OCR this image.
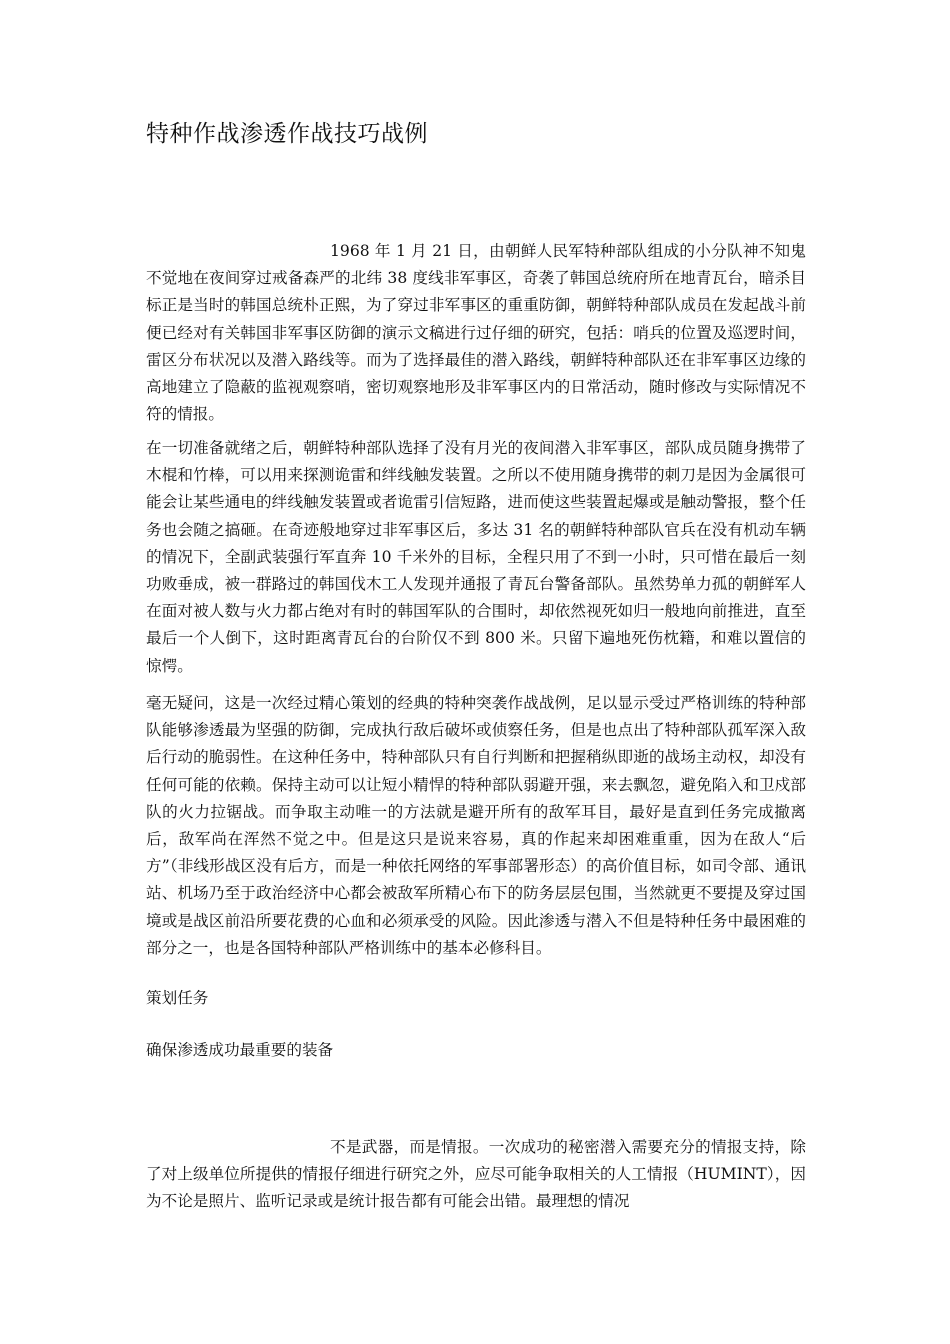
特种作战渗透作战技巧战例

1968 年 1 月 21 日，由朝鲜人民军特种部队组成的小分队神不知鬼不觉地在夜间穿过戒备森严的北纬 38 度线非军事区，奇袭了韩国总统府所在地青瓦台，暗杀目标正是当时的韩国总统朴正熙，为了穿过非军事区的重重防御，朝鲜特种部队成员在发起战斗前便已经对有关韩国非军事区防御的演示文稿进行过仔细的研究，包括：哨兵的位置及巡逻时间，雷区分布状况以及潜入路线等。而为了选择最佳的潜入路线，朝鲜特种部队还在非军事区边缘的高地建立了隐蔽的监视观察哨，密切观察地形及非军事区内的日常活动，随时修改与实际情况不符的情报。

在一切准备就绪之后，朝鲜特种部队选择了没有月光的夜间潜入非军事区，部队成员随身携带了木棍和竹棒，可以用来探测诡雷和绊线触发装置。之所以不使用随身携带的刺刀是因为金属很可能会让某些通电的绊线触发装置或者诡雷引信短路，进而使这些装置起爆或是触动警报，整个任务也会随之搞砸。在奇迹般地穿过非军事区后，多达 31 名的朝鲜特种部队官兵在没有机动车辆的情况下，全副武装强行军直奔 10 千米外的目标，全程只用了不到一小时，只可惜在最后一刻功败垂成，被一群路过的韩国伐木工人发现并通报了青瓦台警备部队。虽然势单力孤的朝鲜军人在面对被人数与火力都占绝对有时的韩国军队的合围时，却依然视死如归一般地向前推进，直至最后一个人倒下，这时距离青瓦台的台阶仅不到 800 米。只留下遍地死伤枕籍，和难以置信的惊愕。

毫无疑问，这是一次经过精心策划的经典的特种突袭作战战例，足以显示受过严格训练的特种部队能够渗透最为坚强的防御，完成执行敌后破坏或侦察任务，但是也点出了特种部队孤军深入敌后行动的脆弱性。在这种任务中，特种部队只有自行判断和把握稍纵即逝的战场主动权，却没有任何可能的依赖。保持主动可以让短小精悍的特种部队弱避开强，来去飘忽，避免陷入和卫戍部队的火力拉锯战。而争取主动唯一的方法就是避开所有的敌军耳目，最好是直到任务完成撤离后，敌军尚在浑然不觉之中。但是这只是说来容易，真的作起来却困难重重，因为在敌人“后方”（非线形战区没有后方，而是一种依托网络的军事部署形态）的高价值目标，如司令部、通讯站、机场乃至于政治经济中心都会被敌军所精心布下的防务层层包围，当然就更不要提及穿过国境或是战区前沿所要花费的心血和必须承受的风险。因此渗透与潜入不但是特种任务中最困难的部分之一，也是各国特种部队严格训练中的基本必修科目。

策划任务

确保渗透成功最重要的装备

不是武器，而是情报。一次成功的秘密潜入需要充分的情报支持，除了对上级单位所提供的情报仔细进行研究之外，应尽可能争取相关的人工情报（HUMINT），因为不论是照片、监听记录或是统计报告都有可能会出错。最理想的情况
